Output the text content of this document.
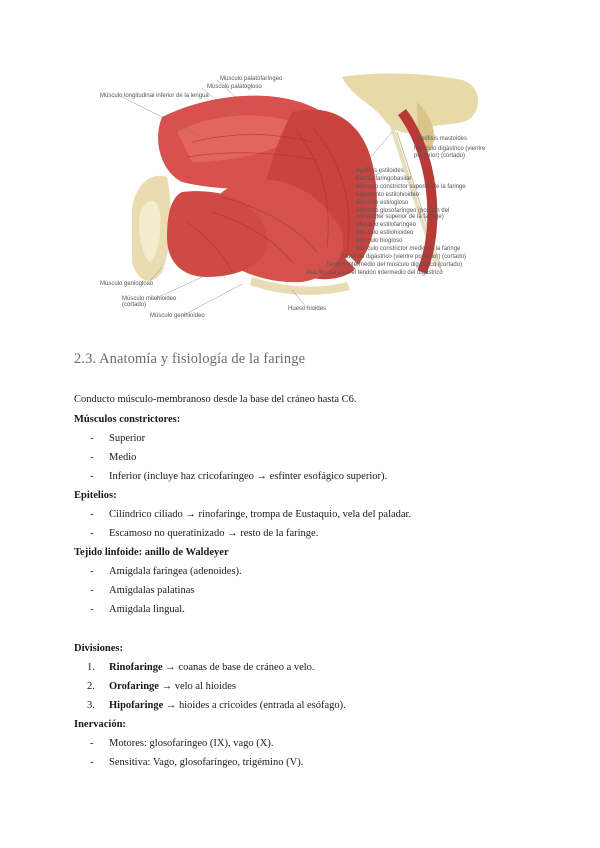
Músculo palatofaríngeo
Músculo palatogloso
Músculo longitudinal inferior de la lengua
Apófisis mastoides
Músculo digástrico (vientre
posterior) (cortado)
Apófisis estiloides
Fascia faringobasilar
Músculo constrictor superior de la faringe
Ligamento estilohioideo
Músculo estilogloso
Músculo glosofaríngeo (porción del
constrictor superior de la faringe)
Músculo estilofaríngeo
Músculo estilohioideo
Músculo hiogloso
Músculo constrictor medio de la faringe
Músculo digástrico (vientre posterior) (cortado)
Tendón intermedio del músculo digástrico (cortado)
Asa fibrosa para el tendón intermedio del digástrico
Músculo geniogloso
Músculo milohioideo
(cortado)
Músculo genihioideo
Hueso hioides
2.3. Anatomía y fisiología de la faringe
Conducto músculo-membranoso desde la base del cráneo hasta C6.
Músculos constrictores:
- Superior
- Medio
- Inferior (incluye haz cricofaríngeo → esfínter esofágico superior).
Epitelios:
- Cilíndrico ciliado → rinofaringe, trompa de Eustaquio, vela del paladar.
- Escamoso no queratinizado → resto de la faringe.
Tejido linfoide: anillo de Waldeyer
- Amígdala faríngea (adenoides).
- Amígdalas palatinas
- Amígdala lingual.
Divisiones:
1. Rinofaringe → coanas de base de cráneo a velo.
2. Orofaringe → velo al hioides
3. Hipofaringe → hioides a cricoides (entrada al esófago).
Inervación:
- Motores: glosofaríngeo (IX), vago (X).
- Sensitiva: Vago, glosofaríngeo, trigémino (V).
